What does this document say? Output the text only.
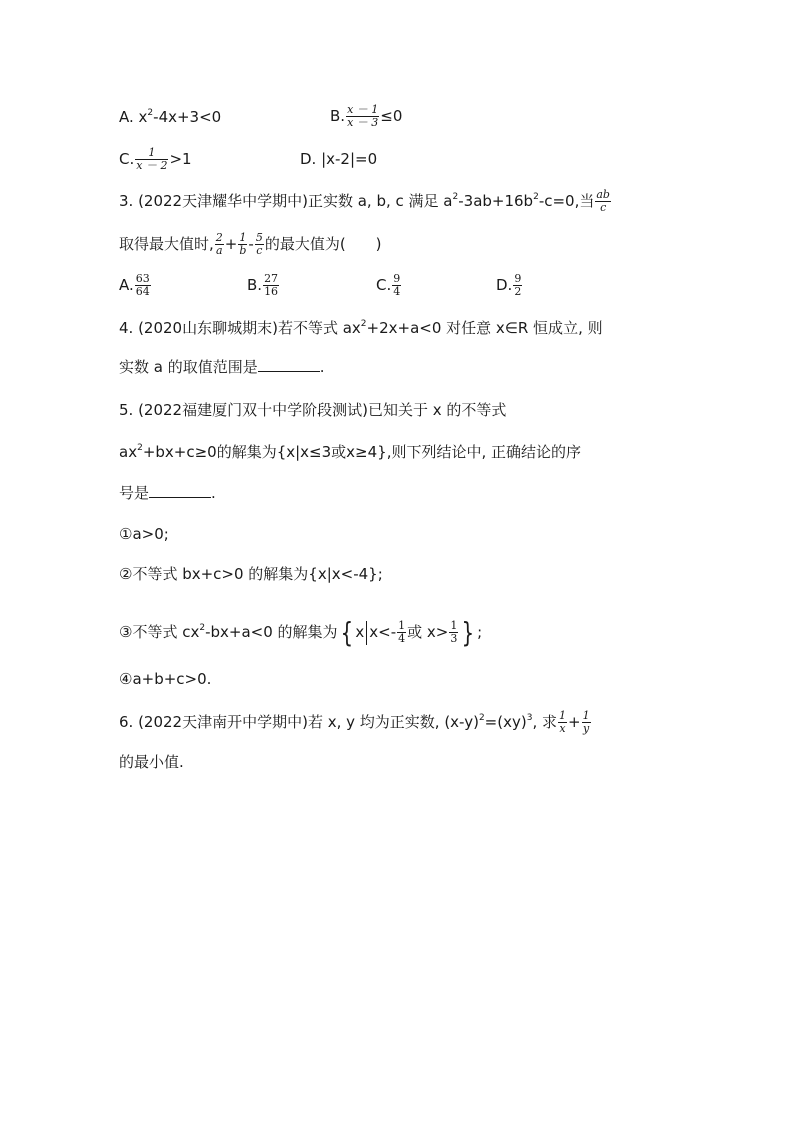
A. $x^2-4x+3<0$	B. $\frac{x - 1}{x - 3} \le 0$
C. $\frac{1}{x - 2} >1$	D. |x-2|=0
3. (2022天津耀华中学期中)正实数 a, b, c 满足 $a^2-3ab+16b^2-c=0$,当 $\frac{ab}{c}$
取得最大值时, $\frac{2}{a} + \frac{1}{b} - \frac{5}{c}$ 的最大值为(　　)
A. $\frac{63}{64}$	B. $\frac{27}{16}$	C. $\frac{9}{4}$	D. $\frac{9}{2}$
4. (2020山东聊城期末)若不等式 $ax^2+2x+a<0$ 对任意 x∈R 恒成立, 则
实数 a 的取值范围是	.
5. (2022福建厦门双十中学阶段测试)已知关于 x 的不等式
$ax^2+bx+c\ge 0$的解集为{x|x≤3或x≥4},则下列结论中, 正确结论的序
号是	.
①a>0;
②不等式 bx+c>0 的解集为{x|x<-4};
③不等式 $cx^2-bx+a<0$ 的解集为{ x $x<- \frac{1}{4}$ 或 $x> \frac{1}{3}$ } ;
④a+b+c>0.
6. (2022天津南开中学期中)若 x, y 均为正实数, $(x-y)^2=(xy)^3$, 求 $\frac{1}{x} + \frac{1}{y}$
的最小值.
